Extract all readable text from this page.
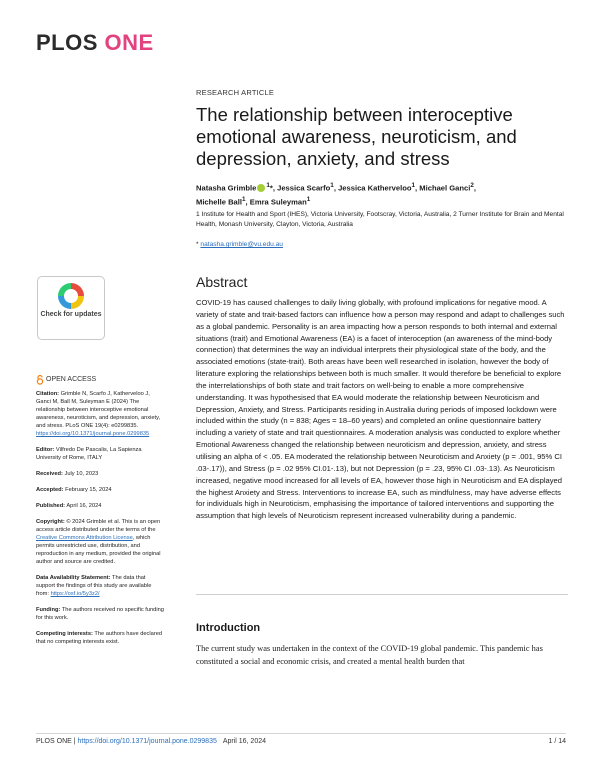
PLOS ONE
Check for updates
OPEN ACCESS
Citation: Grimble N, Scarfo J, Katherveloo J, Ganci M, Ball M, Suleyman E (2024) The relationship between interoceptive emotional awareness, neuroticism, and depression, anxiety, and stress. PLoS ONE 19(4): e0299835. https://doi.org/10.1371/journal.pone.0299835
Editor: Vilfredo De Pascalis, La Sapienza University of Rome, ITALY
Received: July 10, 2023
Accepted: February 15, 2024
Published: April 16, 2024
Copyright: © 2024 Grimble et al. This is an open access article distributed under the terms of the Creative Commons Attribution License, which permits unrestricted use, distribution, and reproduction in any medium, provided the original author and source are credited.
Data Availability Statement: The data that support the findings of this study are available from: https://osf.io/5y3z2/
Funding: The authors received no specific funding for this work.
Competing interests: The authors have declared that no competing interests exist.
RESEARCH ARTICLE
The relationship between interoceptive emotional awareness, neuroticism, and depression, anxiety, and stress
Natasha Grimble $^1$*, Jessica Scarfo$^1$, Jessica Katherveloo$^1$, Michael Ganci$^2$,
Michelle Ball$^1$, Emra Suleyman$^1$
1 Institute for Health and Sport (IHES), Victoria University, Footscray, Victoria, Australia, 2 Turner Institute for Brain and Mental Health, Monash University, Clayton, Victoria, Australia
* natasha.grimble@vu.edu.au
Abstract
COVID-19 has caused challenges to daily living globally, with profound implications for negative mood. A variety of state and trait-based factors can influence how a person may respond and adapt to challenges such as a global pandemic. Personality is an area impacting how a person responds to both internal and external situations (trait) and Emotional Awareness (EA) is a facet of interoception (an awareness of the mind-body connection) that determines the way an individual interprets their physiological state of the body, and the associated emotions (state-trait). Both areas have been well researched in isolation, however the body of literature exploring the relationships between both is much smaller. It would therefore be beneficial to explore the interrelationships of both state and trait factors on well-being to enable a more comprehensive understanding. It was hypothesised that EA would moderate the relationship between Neuroticism and Depression, Anxiety, and Stress. Participants residing in Australia during periods of imposed lockdown were included within the study (n = 838; Ages = 18–60 years) and completed an online questionnaire battery including a variety of state and trait questionnaires. A moderation analysis was conducted to explore whether Emotional Awareness changed the relationship between neuroticism and depression, anxiety, and stress utilising an alpha of < .05. EA moderated the relationship between Neuroticism and Anxiety (p = .001, 95% CI .03-.17)), and Stress (p = .02 95% CI.01-.13), but not Depression (p = .23, 95% CI .03-.13). As Neuroticism increased, negative mood increased for all levels of EA, however those high in Neuroticism and EA displayed the highest Anxiety and Stress. Interventions to increase EA, such as mindfulness, may have adverse effects for individuals high in Neuroticism, emphasising the importance of tailored interventions and supporting the assumption that high levels of Neuroticism represent increased vulnerability during a pandemic.
Introduction
The current study was undertaken in the context of the COVID-19 global pandemic. This pandemic has constituted a social and economic crisis, and created a mental health burden that
PLOS ONE | https://doi.org/10.1371/journal.pone.0299835 April 16, 2024	1 / 14
